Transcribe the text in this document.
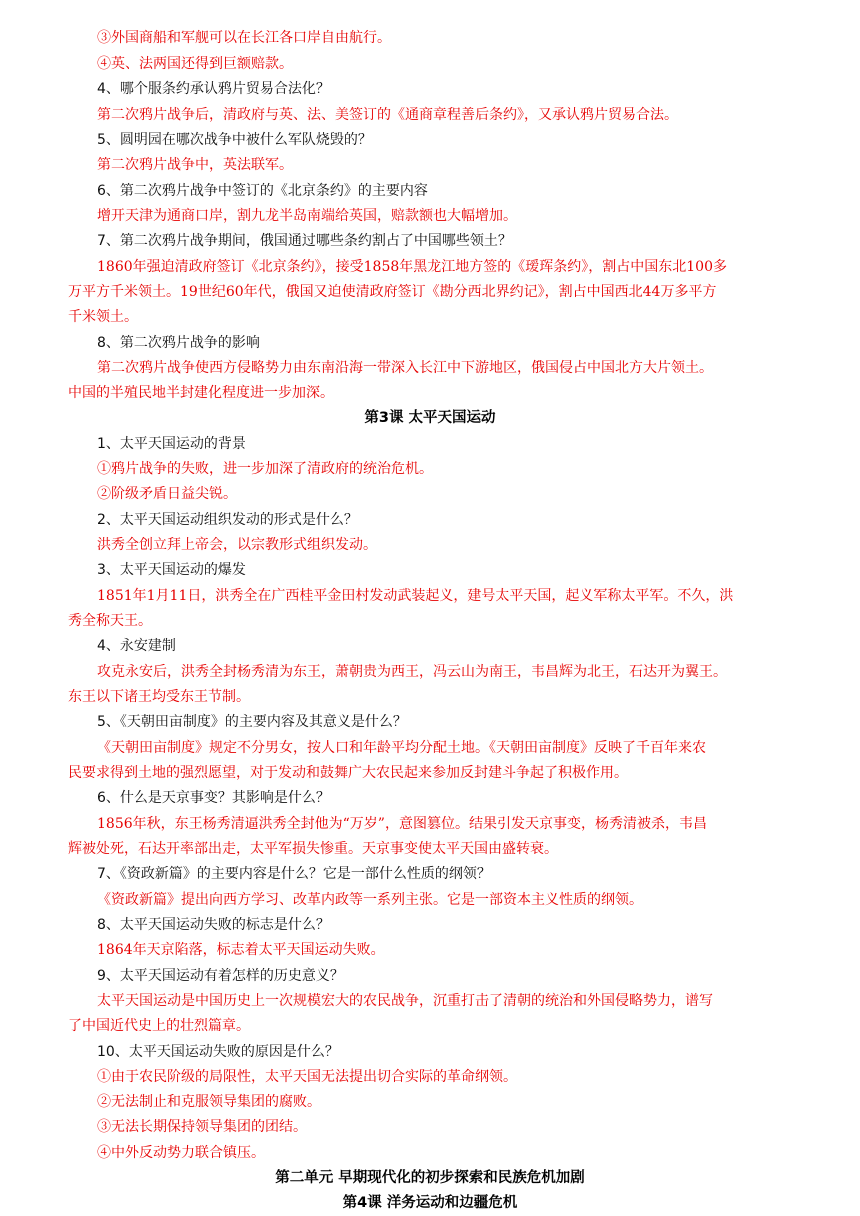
③外国商船和军舰可以在长江各口岸自由航行。
④英、法两国还得到巨额赔款。
4、哪个服条约承认鸦片贸易合法化？
第二次鸦片战争后，清政府与英、法、美签订的《通商章程善后条约》，又承认鸦片贸易合法。
5、圆明园在哪次战争中被什么军队烧毁的？
第二次鸦片战争中，英法联军。
6、第二次鸦片战争中签订的《北京条约》的主要内容
增开天津为通商口岸，割九龙半岛南端给英国，赔款额也大幅增加。
7、第二次鸦片战争期间，俄国通过哪些条约割占了中国哪些领土？
1860年强迫清政府签订《北京条约》，接受1858年黑龙江地方签的《瑷珲条约》，割占中国东北100多
万平方千米领土。19世纪60年代，俄国又迫使清政府签订《勘分西北界约记》，割占中国西北44万多平方
千米领土。
8、第二次鸦片战争的影响
第二次鸦片战争使西方侵略势力由东南沿海一带深入长江中下游地区，俄国侵占中国北方大片领土。
中国的半殖民地半封建化程度进一步加深。
第3课 太平天国运动
1、太平天国运动的背景
①鸦片战争的失败，进一步加深了清政府的统治危机。
②阶级矛盾日益尖锐。
2、太平天国运动组织发动的形式是什么？
洪秀全创立拜上帝会，以宗教形式组织发动。
3、太平天国运动的爆发
1851年1月11日，洪秀全在广西桂平金田村发动武装起义，建号太平天国，起义军称太平军。不久，洪
秀全称天王。
4、永安建制
攻克永安后，洪秀全封杨秀清为东王，萧朝贵为西王，冯云山为南王，韦昌辉为北王，石达开为翼王。
东王以下诸王均受东王节制。
5、《天朝田亩制度》的主要内容及其意义是什么？
《天朝田亩制度》规定不分男女，按人口和年龄平均分配土地。《天朝田亩制度》反映了千百年来农
民要求得到土地的强烈愿望，对于发动和鼓舞广大农民起来参加反封建斗争起了积极作用。
6、什么是天京事变？其影响是什么？
1856年秋，东王杨秀清逼洪秀全封他为“万岁”，意图篡位。结果引发天京事变，杨秀清被杀，韦昌
辉被处死，石达开率部出走，太平军损失惨重。天京事变使太平天国由盛转衰。
7、《资政新篇》的主要内容是什么？它是一部什么性质的纲领？
《资政新篇》提出向西方学习、改革内政等一系列主张。它是一部资本主义性质的纲领。
8、太平天国运动失败的标志是什么？
1864年天京陷落，标志着太平天国运动失败。
9、太平天国运动有着怎样的历史意义？
太平天国运动是中国历史上一次规模宏大的农民战争，沉重打击了清朝的统治和外国侵略势力，谱写
了中国近代史上的壮烈篇章。
10、太平天国运动失败的原因是什么？
①由于农民阶级的局限性，太平天国无法提出切合实际的革命纲领。
②无法制止和克服领导集团的腐败。
③无法长期保持领导集团的团结。
④中外反动势力联合镇压。
第二单元 早期现代化的初步探索和民族危机加剧
第4课 洋务运动和边疆危机
